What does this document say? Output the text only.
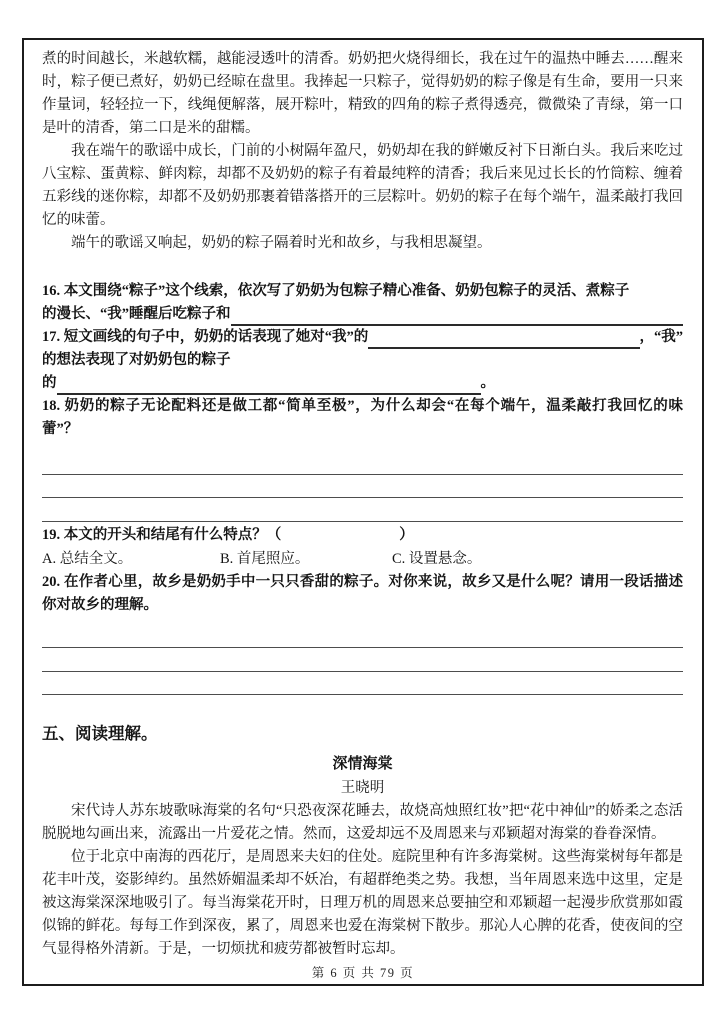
煮的时间越长，米越软糯，越能浸透叶的清香。奶奶把火烧得细长，我在过午的温热中睡去……醒来时，粽子便已煮好，奶奶已经晾在盘里。我捧起一只粽子，觉得奶奶的粽子像是有生命，要用一只来作量词，轻轻拉一下，线绳便解落，展开粽叶，精致的四角的粽子煮得透亮，微微染了青绿，第一口是叶的清香，第二口是米的甜糯。

我在端午的歌谣中成长，门前的小树隔年盈尺，奶奶却在我的鲜嫩反衬下日渐白头。我后来吃过八宝粽、蛋黄粽、鲜肉粽，却都不及奶奶的粽子有着最纯粹的清香；我后来见过长长的竹筒粽、缠着五彩线的迷你粽，却都不及奶奶那裹着错落搭开的三层粽叶。奶奶的粽子在每个端午，温柔敲打我回忆的味蕾。

端午的歌谣又响起，奶奶的粽子隔着时光和故乡，与我相思凝望。

16. 本文围绕“粽子”这个线索，依次写了奶奶为包粽子精心准备、奶奶包粽子的灵活、煮粽子

的漫长、“我”睡醒后吃粽子和
17. 短文画线的句子中，奶奶的话表现了她对“我”的	，“我”

的想法表现了对奶奶包的粽子

的	。

18. 奶奶的粽子无论配料还是做工都“简单至极”，为什么却会“在每个端午，温柔敲打我回忆的味蕾”？

19. 本文的开头和结尾有什么特点？（	）

A. 总结全文。	B. 首尾照应。	C. 设置悬念。

20. 在作者心里，故乡是奶奶手中一只只香甜的粽子。对你来说，故乡又是什么呢？请用一段话描述你对故乡的理解。

五、阅读理解。
深情海棠
王晓明

宋代诗人苏东坡歌咏海棠的名句“只恐夜深花睡去，故烧高烛照红妆”把“花中神仙”的娇柔之态活脱脱地勾画出来，流露出一片爱花之情。然而，这爱却远不及周恩来与邓颖超对海棠的眷眷深情。

位于北京中南海的西花厅，是周恩来夫妇的住处。庭院里种有许多海棠树。这些海棠树每年都是花丰叶茂，姿影绰约。虽然娇媚温柔却不妖冶，有超群绝类之势。我想，当年周恩来选中这里，定是被这海棠深深地吸引了。每当海棠花开时，日理万机的周恩来总要抽空和邓颖超一起漫步欣赏那如霞似锦的鲜花。每每工作到深夜，累了，周恩来也爱在海棠树下散步。那沁人心脾的花香，使夜间的空气显得格外清新。于是，一切烦扰和疲劳都被暂时忘却。

第 6 页 共 79 页
